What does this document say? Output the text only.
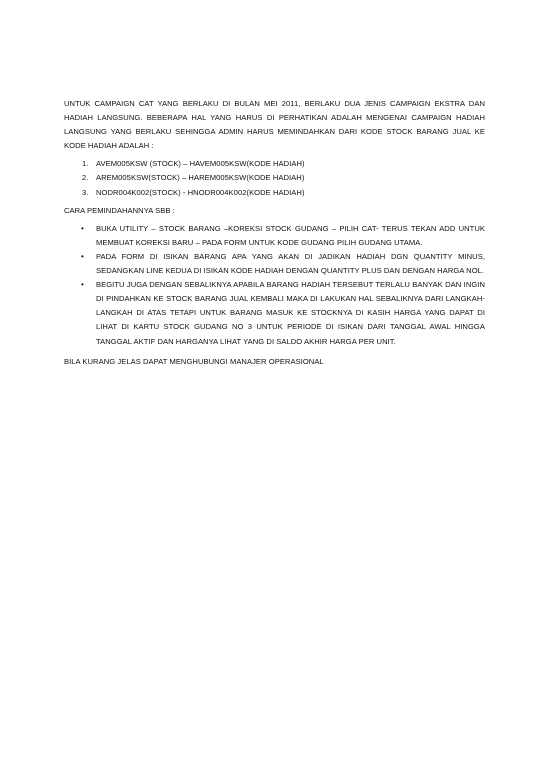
UNTUK CAMPAIGN CAT YANG BERLAKU DI BULAN MEI 2011, BERLAKU DUA JENIS CAMPAIGN EKSTRA DAN HADIAH LANGSUNG. BEBERAPA HAL YANG HARUS DI PERHATIKAN ADALAH MENGENAI CAMPAIGN HADIAH LANGSUNG YANG BERLAKU SEHINGGA ADMIN HARUS MEMINDAHKAN DARI KODE STOCK BARANG JUAL KE KODE HADIAH ADALAH :

1. AVEM005KSW (STOCK) – HAVEM005KSW(KODE HADIAH)
2. AREM005KSW(STOCK) – HAREM005KSW(KODE HADIAH)
3. NODR004K002(STOCK) - HNODR004K002(KODE HADIAH)

CARA PEMINDAHANNYA SBB :

• BUKA UTILITY – STOCK BARANG –KOREKSI STOCK GUDANG – PILIH CAT- TERUS TEKAN ADD UNTUK MEMBUAT KOREKSI BARU – PADA FORM UNTUK KODE GUDANG PILIH GUDANG UTAMA.
• PADA FORM DI ISIKAN BARANG APA YANG AKAN DI JADIKAN HADIAH DGN QUANTITY MINUS, SEDANGKAN LINE KEDUA DI ISIKAN KODE HADIAH DENGAN QUANTITY PLUS DAN DENGAN HARGA NOL.
• BEGITU JUGA DENGAN SEBALIKNYA APABILA BARANG HADIAH TERSEBUT TERLALU BANYAK DAN INGIN DI PINDAHKAN KE STOCK BARANG JUAL KEMBALI MAKA DI LAKUKAN HAL SEBALIKNYA DARI LANGKAH-LANGKAH DI ATAS TETAPI UNTUK BARANG MASUK KE STOCKNYA DI KASIH HARGA YANG DAPAT DI LIHAT DI KARTU STOCK GUDANG NO 3 UNTUK PERIODE DI ISIKAN DARI TANGGAL AWAL HINGGA TANGGAL AKTIF DAN HARGANYA LIHAT YANG DI SALDO AKHIR HARGA PER UNIT.

BILA KURANG JELAS DAPAT MENGHUBUNGI MANAJER OPERASIONAL
